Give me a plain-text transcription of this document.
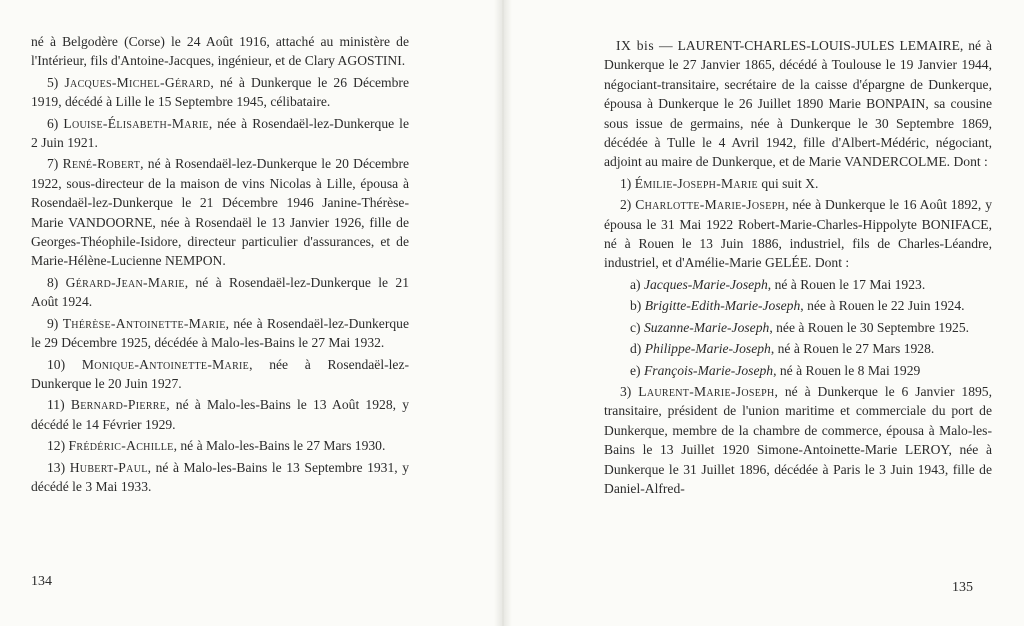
né à Belgodère (Corse) le 24 Août 1916, attaché au ministère de l'Intérieur, fils d'Antoine-Jacques, ingénieur, et de Clary AGOSTINI.

5) Jacques-Michel-Gérard, né à Dunkerque le 26 Décembre 1919, décédé à Lille le 15 Septembre 1945, célibataire.

6) Louise-Élisabeth-Marie, née à Rosendaël-lez-Dunkerque le 2 Juin 1921.

7) René-Robert, né à Rosendaël-lez-Dunkerque le 20 Décembre 1922, sous-directeur de la maison de vins Nicolas à Lille, épousa à Rosendaël-lez-Dunkerque le 21 Décembre 1946 Janine-Thérèse-Marie VANDOORNE, née à Rosendaël le 13 Janvier 1926, fille de Georges-Théophile-Isidore, directeur particulier d'assurances, et de Marie-Hélène-Lucienne NEMPON.

8) Gérard-Jean-Marie, né à Rosendaël-lez-Dunkerque le 21 Août 1924.

9) Thérèse-Antoinette-Marie, née à Rosendaël-lez-Dunkerque le 29 Décembre 1925, décédée à Malo-les-Bains le 27 Mai 1932.

10) Monique-Antoinette-Marie, née à Rosendaël-lez-Dunkerque le 20 Juin 1927.

11) Bernard-Pierre, né à Malo-les-Bains le 13 Août 1928, y décédé le 14 Février 1929.

12) Frédéric-Achille, né à Malo-les-Bains le 27 Mars 1930.

13) Hubert-Paul, né à Malo-les-Bains le 13 Septembre 1931, y décédé le 3 Mai 1933.

134

IX bis — LAURENT-CHARLES-LOUIS-JULES LEMAIRE, né à Dunkerque le 27 Janvier 1865, décédé à Toulouse le 19 Janvier 1944, négociant-transitaire, secrétaire de la caisse d'épargne de Dunkerque, épousa à Dunkerque le 26 Juillet 1890 Marie BONPAIN, sa cousine sous issue de germains, née à Dunkerque le 30 Septembre 1869, décédée à Tulle le 4 Avril 1942, fille d'Albert-Médéric, négociant, adjoint au maire de Dunkerque, et de Marie VANDERCOLME. Dont :

1) Émilie-Joseph-Marie qui suit X.

2) Charlotte-Marie-Joseph, née à Dunkerque le 16 Août 1892, y épousa le 31 Mai 1922 Robert-Marie-Charles-Hippolyte BONIFACE, né à Rouen le 13 Juin 1886, industriel, fils de Charles-Léandre, industriel, et d'Amélie-Marie GELÉE. Dont :

a) Jacques-Marie-Joseph, né à Rouen le 17 Mai 1923.

b) Brigitte-Edith-Marie-Joseph, née à Rouen le 22 Juin 1924.

c) Suzanne-Marie-Joseph, née à Rouen le 30 Septembre 1925.

d) Philippe-Marie-Joseph, né à Rouen le 27 Mars 1928.

e) François-Marie-Joseph, né à Rouen le 8 Mai 1929

3) Laurent-Marie-Joseph, né à Dunkerque le 6 Janvier 1895, transitaire, président de l'union maritime et commerciale du port de Dunkerque, membre de la chambre de commerce, épousa à Malo-les-Bains le 13 Juillet 1920 Simone-Antoinette-Marie LEROY, née à Dunkerque le 31 Juillet 1896, décédée à Paris le 3 Juin 1943, fille de Daniel-Alfred-

135
